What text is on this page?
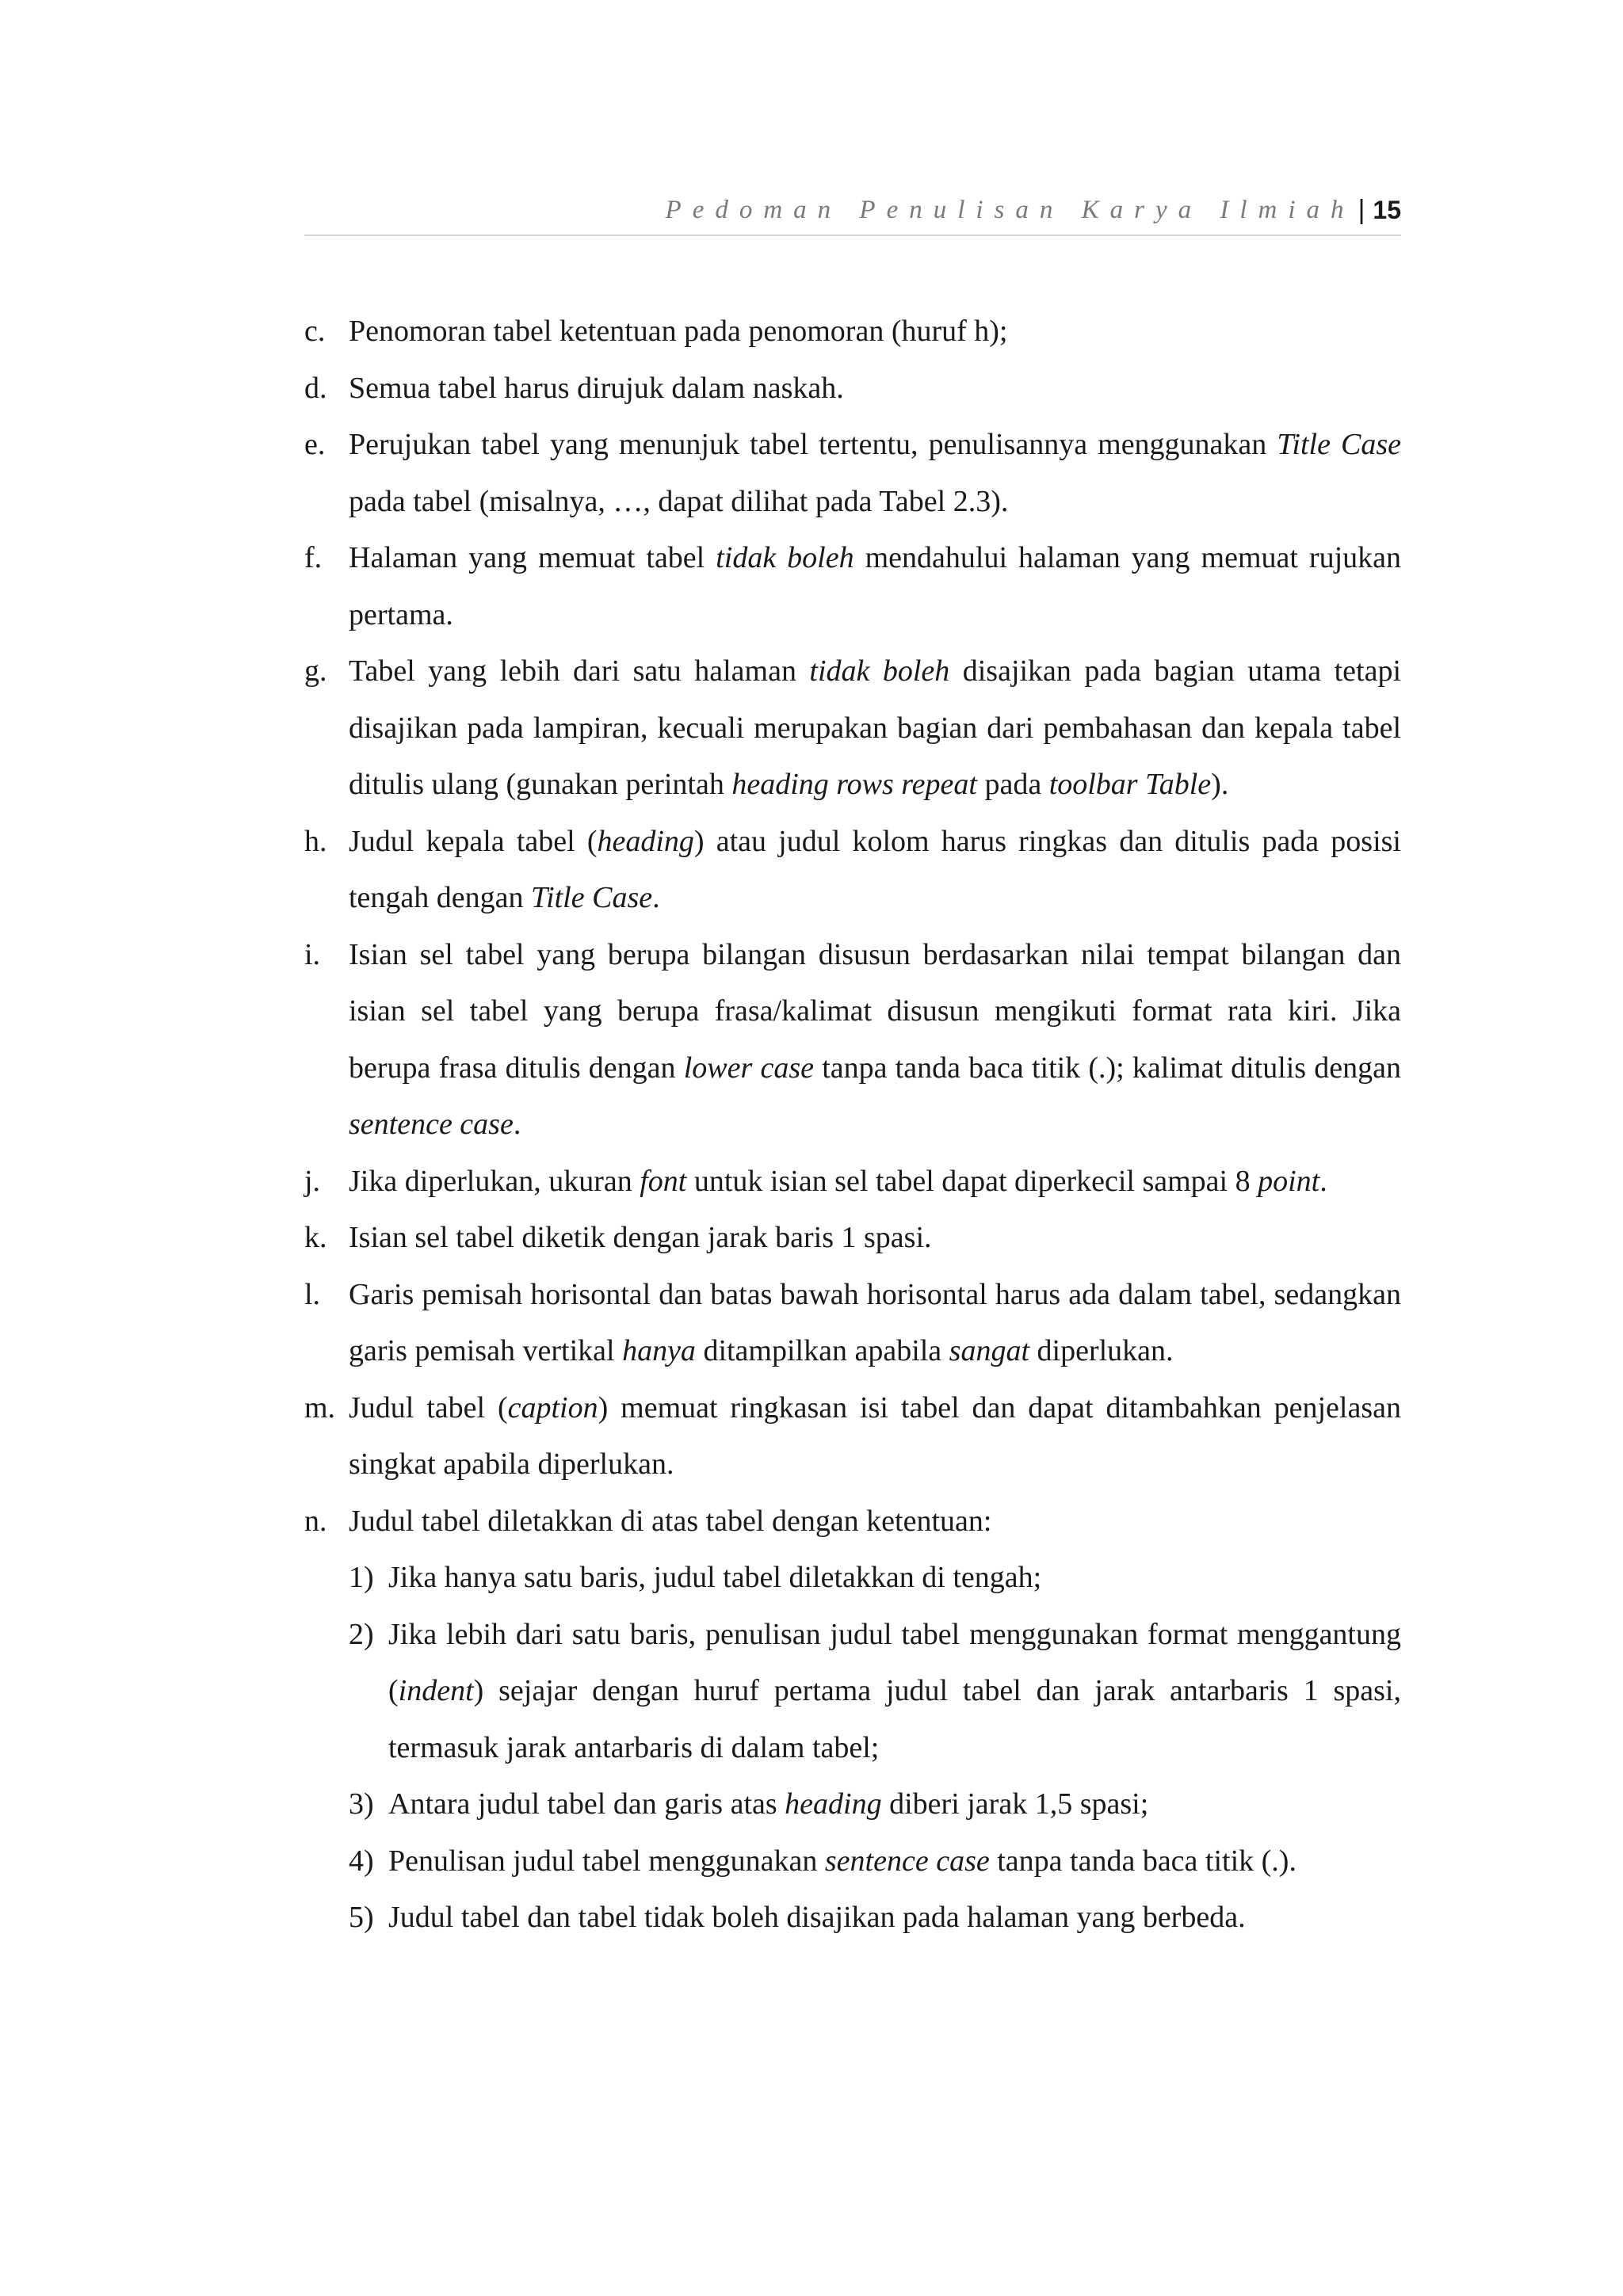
Pedoman Penulisan Karya Ilmiah | 15
c. Penomoran tabel ketentuan pada penomoran (huruf h);
d. Semua tabel harus dirujuk dalam naskah.
e. Perujukan tabel yang menunjuk tabel tertentu, penulisannya menggunakan Title Case pada tabel (misalnya, …, dapat dilihat pada Tabel 2.3).
f. Halaman yang memuat tabel tidak boleh mendahului halaman yang memuat rujukan pertama.
g. Tabel yang lebih dari satu halaman tidak boleh disajikan pada bagian utama tetapi disajikan pada lampiran, kecuali merupakan bagian dari pembahasan dan kepala tabel ditulis ulang (gunakan perintah heading rows repeat pada toolbar Table).
h. Judul kepala tabel (heading) atau judul kolom harus ringkas dan ditulis pada posisi tengah dengan Title Case.
i. Isian sel tabel yang berupa bilangan disusun berdasarkan nilai tempat bilangan dan isian sel tabel yang berupa frasa/kalimat disusun mengikuti format rata kiri. Jika berupa frasa ditulis dengan lower case tanpa tanda baca titik (.); kalimat ditulis dengan sentence case.
j. Jika diperlukan, ukuran font untuk isian sel tabel dapat diperkecil sampai 8 point.
k. Isian sel tabel diketik dengan jarak baris 1 spasi.
l. Garis pemisah horisontal dan batas bawah horisontal harus ada dalam tabel, sedangkan garis pemisah vertikal hanya ditampilkan apabila sangat diperlukan.
m. Judul tabel (caption) memuat ringkasan isi tabel dan dapat ditambahkan penjelasan singkat apabila diperlukan.
n. Judul tabel diletakkan di atas tabel dengan ketentuan:
1) Jika hanya satu baris, judul tabel diletakkan di tengah;
2) Jika lebih dari satu baris, penulisan judul tabel menggunakan format menggantung (indent) sejajar dengan huruf pertama judul tabel dan jarak antarbaris 1 spasi, termasuk jarak antarbaris di dalam tabel;
3) Antara judul tabel dan garis atas heading diberi jarak 1,5 spasi;
4) Penulisan judul tabel menggunakan sentence case tanpa tanda baca titik (.).
5) Judul tabel dan tabel tidak boleh disajikan pada halaman yang berbeda.
